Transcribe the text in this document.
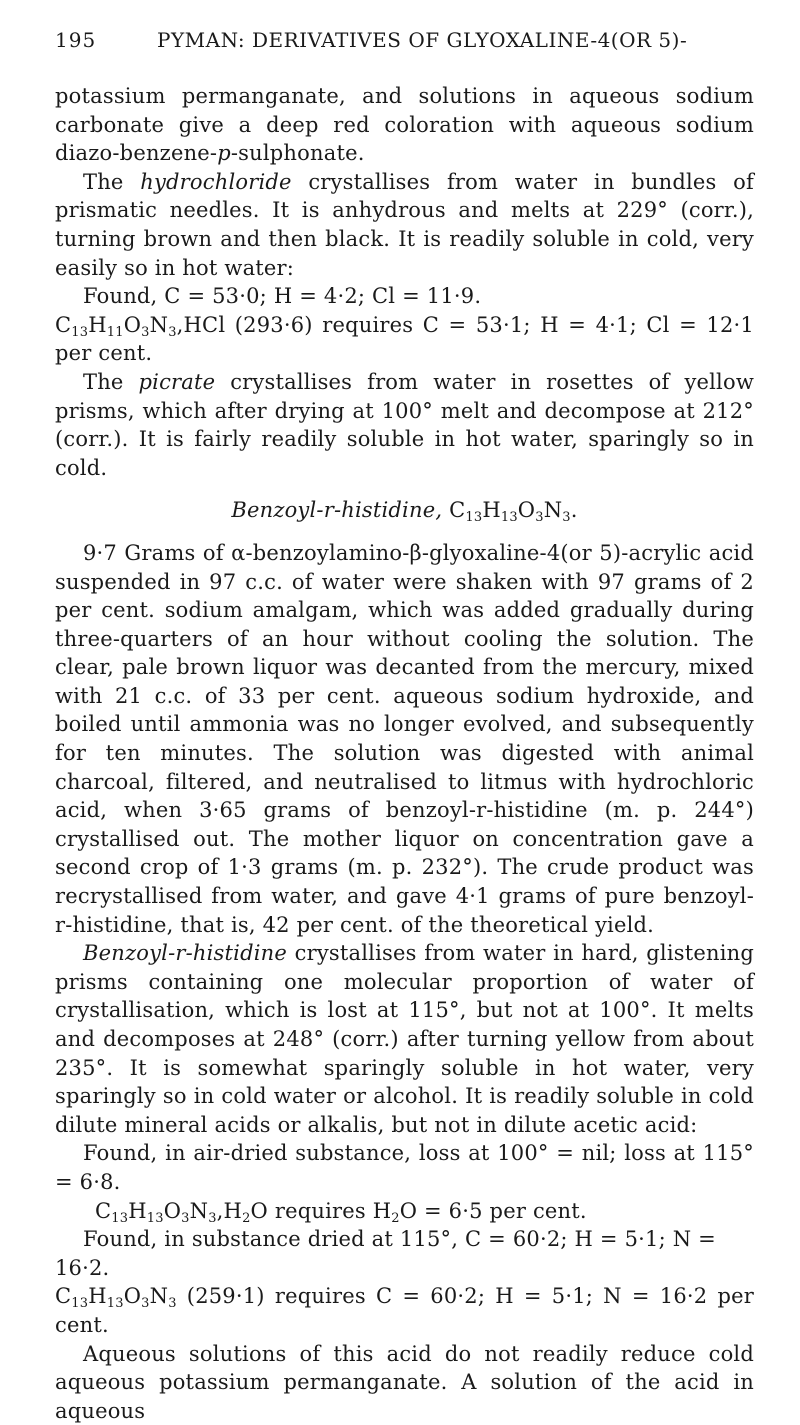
195	PYMAN: DERIVATIVES OF GLYOXALINE-4(OR 5)-

potassium permanganate, and solutions in aqueous sodium carbonate give a deep red coloration with aqueous sodium diazo-benzene-p-sulphonate.

The hydrochloride crystallises from water in bundles of prismatic needles. It is anhydrous and melts at 229° (corr.), turning brown and then black. It is readily soluble in cold, very easily so in hot water:

Found, C = 53·0; H = 4·2; Cl = 11·9.

$C_{13}H_{11}O_3N_3,HCl$ (293·6) requires C = 53·1; H = 4·1; Cl = 12·1 per cent.

The picrate crystallises from water in rosettes of yellow prisms, which after drying at 100° melt and decompose at 212° (corr.). It is fairly readily soluble in hot water, sparingly so in cold.

Benzoyl-r-histidine, $C_{13}H_{13}O_3N_3$.

9·7 Grams of α-benzoylamino-β-glyoxaline-4(or 5)-acrylic acid suspended in 97 c.c. of water were shaken with 97 grams of 2 per cent. sodium amalgam, which was added gradually during three-quarters of an hour without cooling the solution. The clear, pale brown liquor was decanted from the mercury, mixed with 21 c.c. of 33 per cent. aqueous sodium hydroxide, and boiled until ammonia was no longer evolved, and subsequently for ten minutes. The solution was digested with animal charcoal, filtered, and neutralised to litmus with hydrochloric acid, when 3·65 grams of benzoyl-r-histidine (m. p. 244°) crystallised out. The mother liquor on concentration gave a second crop of 1·3 grams (m. p. 232°). The crude product was recrystallised from water, and gave 4·1 grams of pure benzoyl-r-histidine, that is, 42 per cent. of the theoretical yield.

Benzoyl-r-histidine crystallises from water in hard, glistening prisms containing one molecular proportion of water of crystallisation, which is lost at 115°, but not at 100°. It melts and decomposes at 248° (corr.) after turning yellow from about 235°. It is somewhat sparingly soluble in hot water, very sparingly so in cold water or alcohol. It is readily soluble in cold dilute mineral acids or alkalis, but not in dilute acetic acid:

Found, in air-dried substance, loss at 100° = nil; loss at 115° = 6·8.

$C_{13}H_{13}O_3N_3,H_2O$ requires $H_2O = 6\cdot 5$ per cent.

Found, in substance dried at 115°, C = 60·2; H = 5·1; N = 16·2.

$C_{13}H_{13}O_3N_3$ (259·1) requires C = 60·2; H = 5·1; N = 16·2 per cent.

Aqueous solutions of this acid do not readily reduce cold aqueous potassium permanganate. A solution of the acid in aqueous
